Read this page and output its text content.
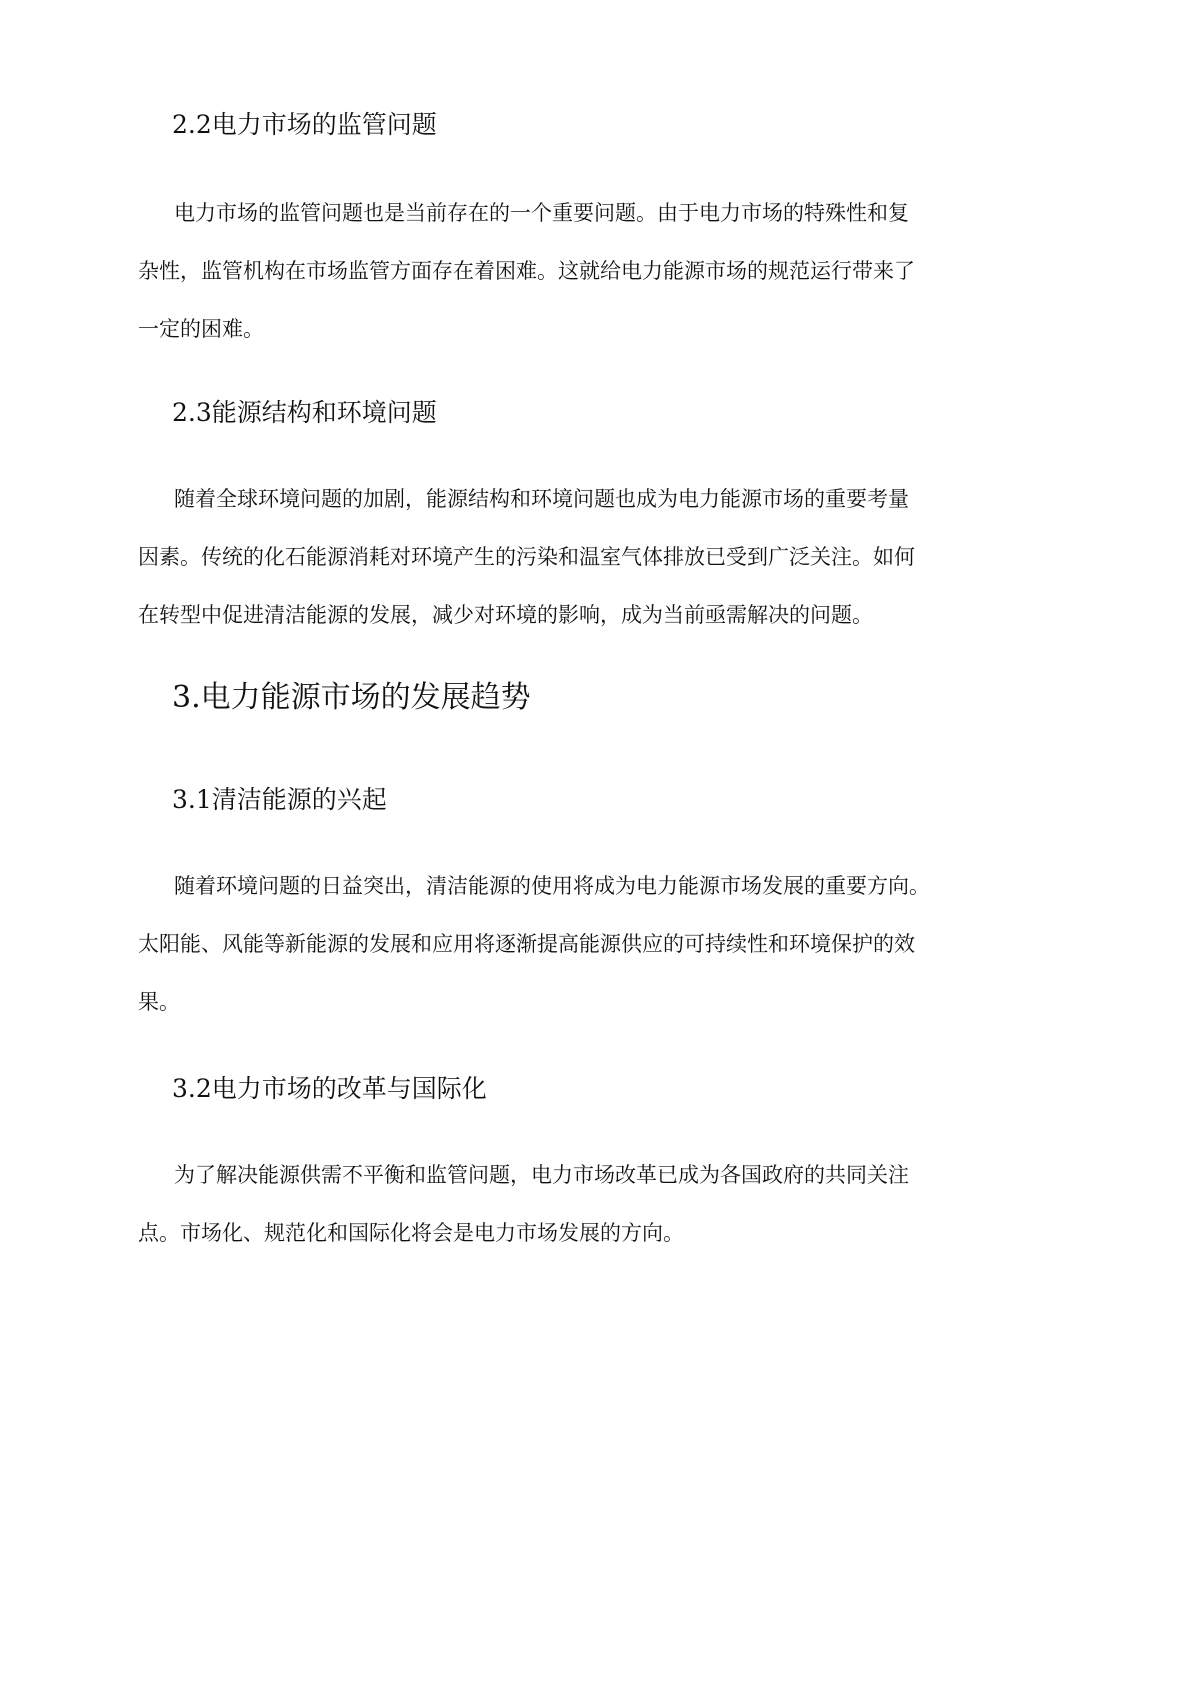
2.2电力市场的监管问题
电力市场的监管问题也是当前存在的一个重要问题。由于电力市场的特殊性和复
杂性，监管机构在市场监管方面存在着困难。这就给电力能源市场的规范运行带来了
一定的困难。
2.3能源结构和环境问题
随着全球环境问题的加剧，能源结构和环境问题也成为电力能源市场的重要考量
因素。传统的化石能源消耗对环境产生的污染和温室气体排放已受到广泛关注。如何
在转型中促进清洁能源的发展，减少对环境的影响，成为当前亟需解决的问题。
3.电力能源市场的发展趋势
3.1清洁能源的兴起
随着环境问题的日益突出，清洁能源的使用将成为电力能源市场发展的重要方向。
太阳能、风能等新能源的发展和应用将逐渐提高能源供应的可持续性和环境保护的效
果。
3.2电力市场的改革与国际化
为了解决能源供需不平衡和监管问题，电力市场改革已成为各国政府的共同关注
点。市场化、规范化和国际化将会是电力市场发展的方向。
